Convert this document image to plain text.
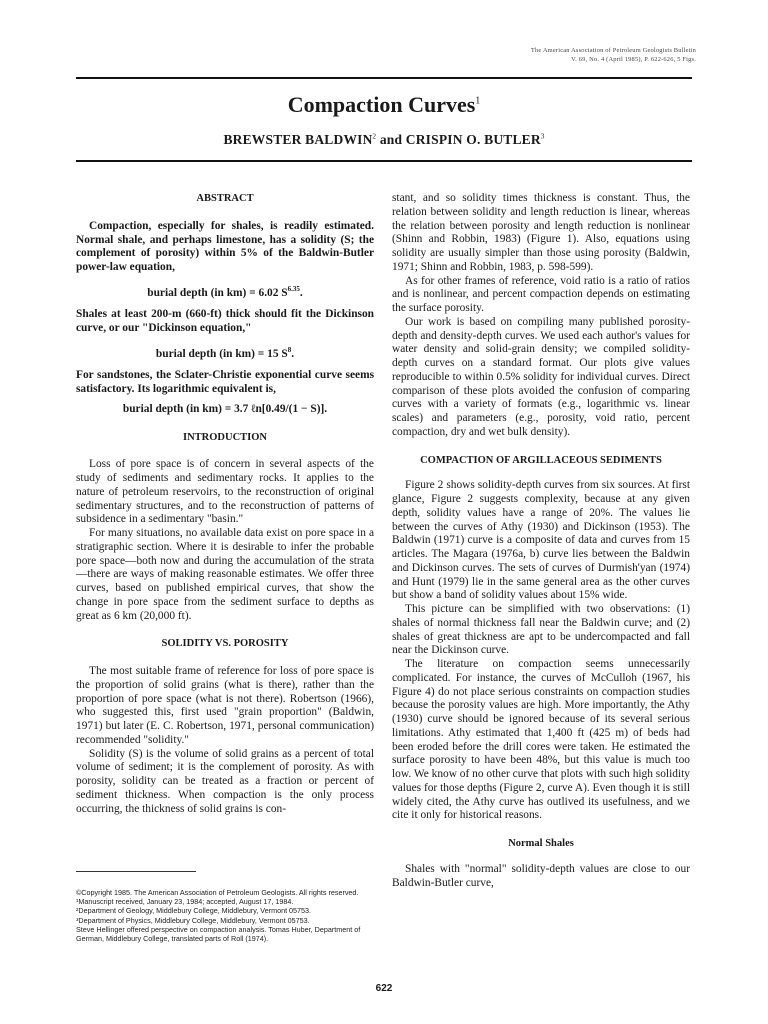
The American Association of Petroleum Geologists Bulletin
V. 69, No. 4 (April 1985), P. 622-626, 5 Figs.
Compaction Curves$^1$
BREWSTER BALDWIN$^2$ and CRISPIN O. BUTLER$^3$

ABSTRACT

Compaction, especially for shales, is readily estimated. Normal shale, and perhaps limestone, has a solidity (S; the complement of porosity) within 5% of the Baldwin-Butler power-law equation,

burial depth (in km) = 6.02 $S^{6.35}$.

Shales at least 200-m (660-ft) thick should fit the Dickinson curve, or our "Dickinson equation,"

burial depth (in km) = 15 $S^8$.

For sandstones, the Sclater-Christie exponential curve seems satisfactory. Its logarithmic equivalent is,

burial depth (in km) = 3.7 ℓn[0.49/(1 − S)].

INTRODUCTION

Loss of pore space is of concern in several aspects of the study of sediments and sedimentary rocks. It applies to the nature of petroleum reservoirs, to the reconstruction of original sedimentary structures, and to the reconstruction of patterns of subsidence in a sedimentary "basin."

For many situations, no available data exist on pore space in a stratigraphic section. Where it is desirable to infer the probable pore space—both now and during the accumulation of the strata—there are ways of making reasonable estimates. We offer three curves, based on published empirical curves, that show the change in pore space from the sediment surface to depths as great as 6 km (20,000 ft).

SOLIDITY VS. POROSITY

The most suitable frame of reference for loss of pore space is the proportion of solid grains (what is there), rather than the proportion of pore space (what is not there). Robertson (1966), who suggested this, first used "grain proportion" (Baldwin, 1971) but later (E. C. Robertson, 1971, personal communication) recommended "solidity."

Solidity (S) is the volume of solid grains as a percent of total volume of sediment; it is the complement of porosity. As with porosity, solidity can be treated as a fraction or percent of sediment thickness. When compaction is the only process occurring, the thickness of solid grains is con-

stant, and so solidity times thickness is constant. Thus, the relation between solidity and length reduction is linear, whereas the relation between porosity and length reduction is nonlinear (Shinn and Robbin, 1983) (Figure 1). Also, equations using solidity are usually simpler than those using porosity (Baldwin, 1971; Shinn and Robbin, 1983, p. 598-599).

As for other frames of reference, void ratio is a ratio of ratios and is nonlinear, and percent compaction depends on estimating the surface porosity.

Our work is based on compiling many published porosity-depth and density-depth curves. We used each author's values for water density and solid-grain density; we compiled solidity-depth curves on a standard format. Our plots give values reproducible to within 0.5% solidity for individual curves. Direct comparison of these plots avoided the confusion of comparing curves with a variety of formats (e.g., logarithmic vs. linear scales) and parameters (e.g., porosity, void ratio, percent compaction, dry and wet bulk density).

COMPACTION OF ARGILLACEOUS SEDIMENTS

Figure 2 shows solidity-depth curves from six sources. At first glance, Figure 2 suggests complexity, because at any given depth, solidity values have a range of 20%. The values lie between the curves of Athy (1930) and Dickinson (1953). The Baldwin (1971) curve is a composite of data and curves from 15 articles. The Magara (1976a, b) curve lies between the Baldwin and Dickinson curves. The sets of curves of Durmish'yan (1974) and Hunt (1979) lie in the same general area as the other curves but show a band of solidity values about 15% wide.

This picture can be simplified with two observations: (1) shales of normal thickness fall near the Baldwin curve; and (2) shales of great thickness are apt to be undercompacted and fall near the Dickinson curve.

The literature on compaction seems unnecessarily complicated. For instance, the curves of McCulloh (1967, his Figure 4) do not place serious constraints on compaction studies because the porosity values are high. More importantly, the Athy (1930) curve should be ignored because of its several serious limitations. Athy estimated that 1,400 ft (425 m) of beds had been eroded before the drill cores were taken. He estimated the surface porosity to have been 48%, but this value is much too low. We know of no other curve that plots with such high solidity values for those depths (Figure 2, curve A). Even though it is still widely cited, the Athy curve has outlived its usefulness, and we cite it only for historical reasons.

Normal Shales

Shales with "normal" solidity-depth values are close to our Baldwin-Butler curve,

©Copyright 1985. The American Association of Petroleum Geologists. All rights reserved.

¹Manuscript received, January 23, 1984; accepted, August 17, 1984.

²Department of Geology, Middlebury College, Middlebury, Vermont 05753.

³Department of Physics, Middlebury College, Middlebury, Vermont 05753.

Steve Hellinger offered perspective on compaction analysis. Tomas Huber, Department of German, Middlebury College, translated parts of Roll (1974).

622
